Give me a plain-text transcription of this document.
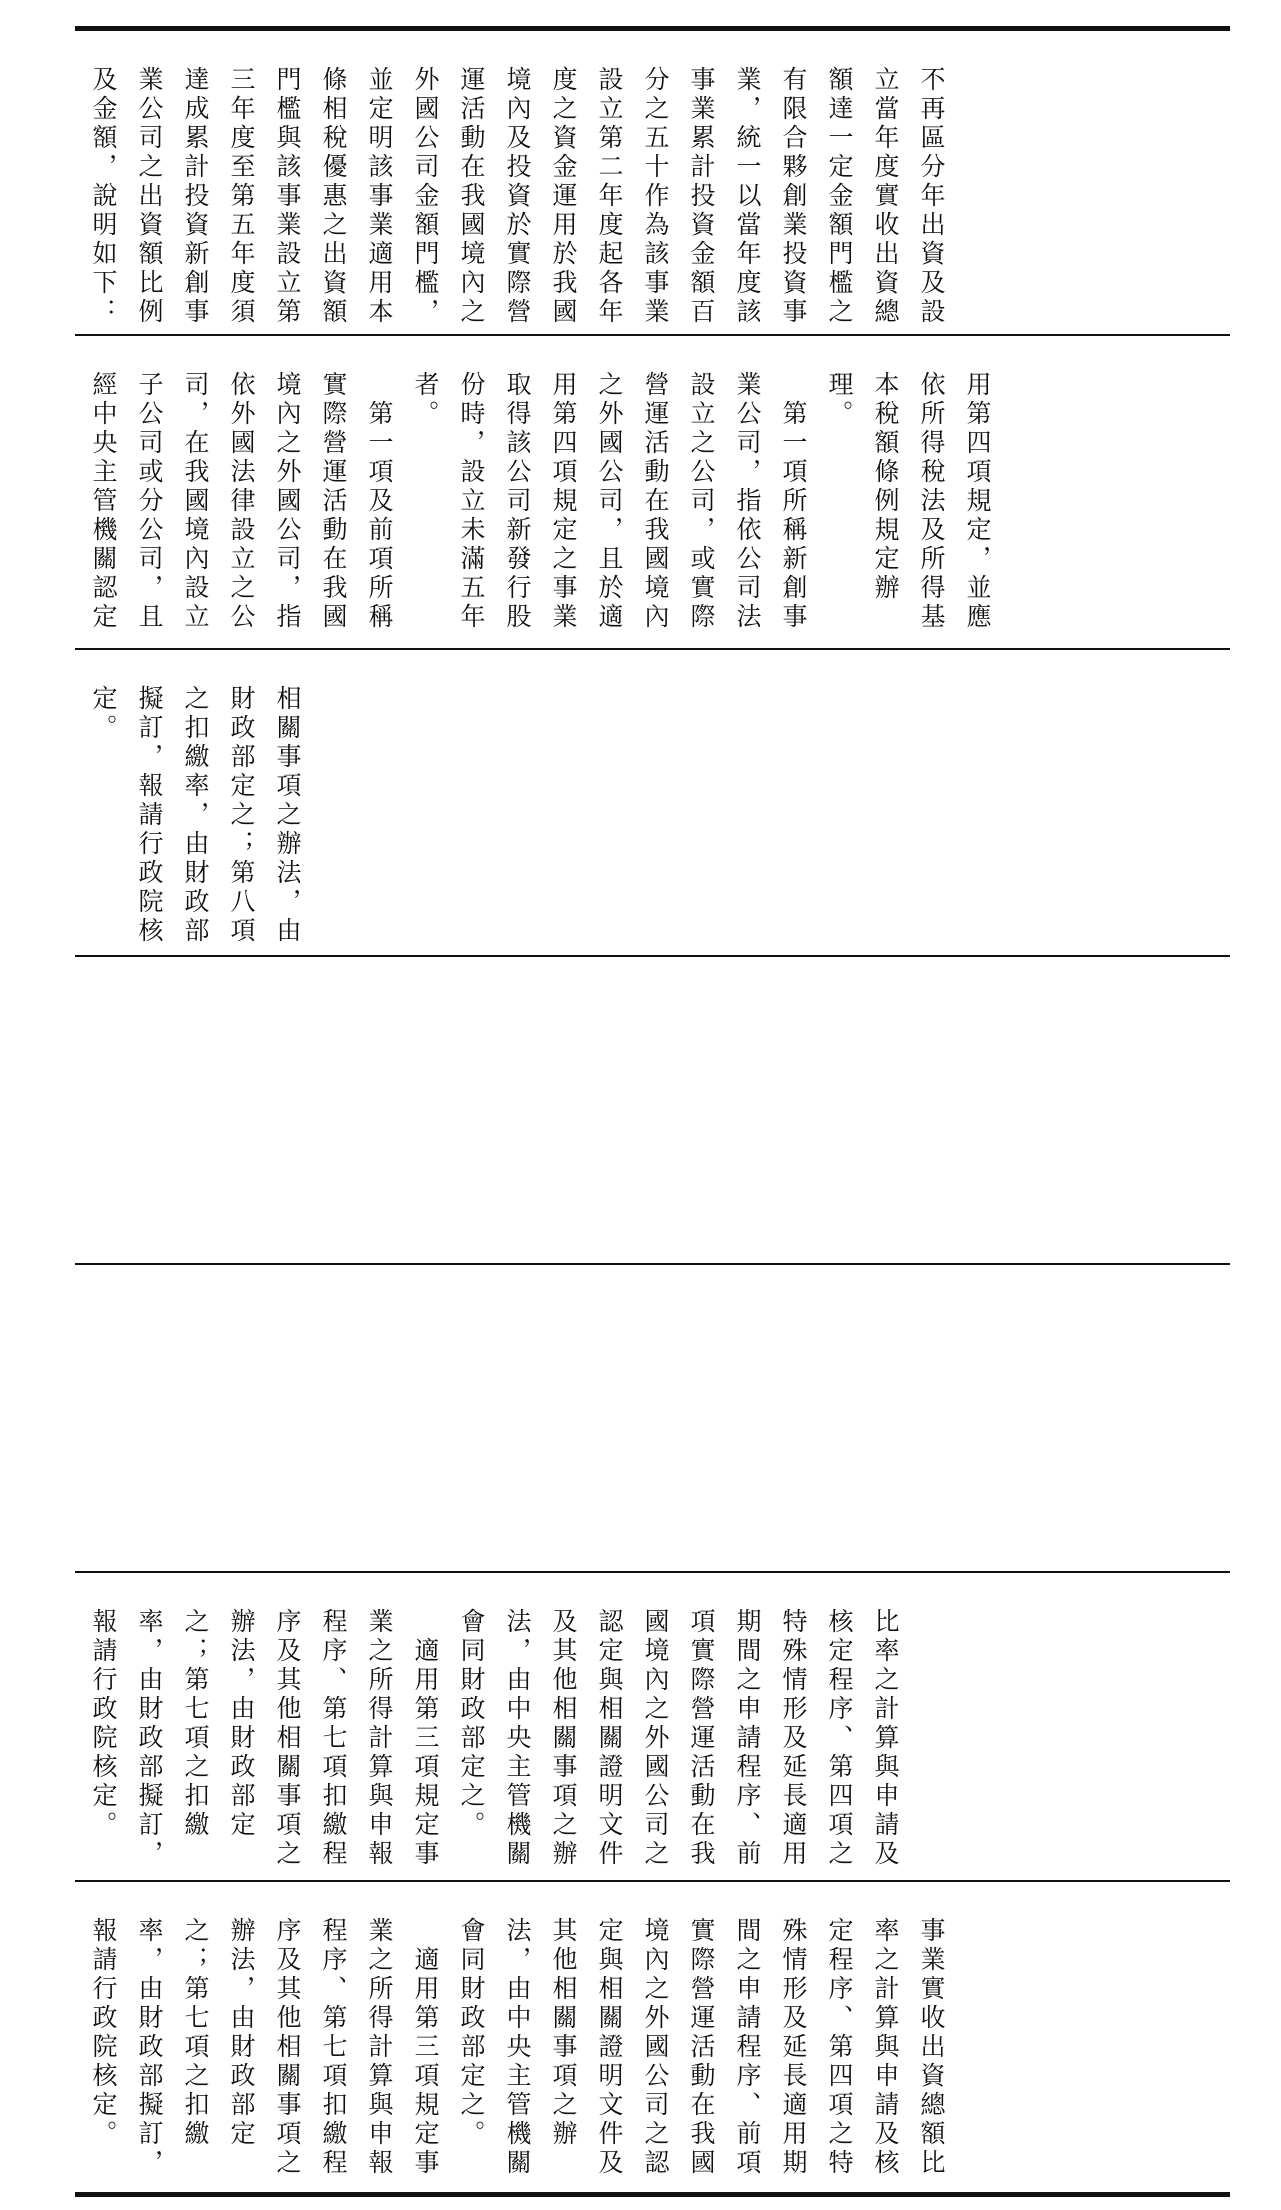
不再區分年出資及設立當年度實收出資總額達一定金額門檻之有限合夥創業投資事業，統一以當年度該事業累計投資金額百分之五十作為該事業設立第二年度起各年度之資金運用於我國境內及投資於實際營運活動在我國境內之外國公司金額門檻，並定明該事業適用本條相稅優惠之出資額門檻與該事業設立第三年度至第五年度須達成累計投資新創事業公司之出資額比例及金額，說明如下：

用第四項規定，並應依所得稅法及所得基本稅額條例規定辦理。
　第一項所稱新創事業公司，指依公司法設立之公司，或實際營運活動在我國境內之外國公司，且於適用第四項規定之事業取得該公司新發行股份時，設立未滿五年者。
　第一項及前項所稱實際營運活動在我國境內之外國公司，指依外國法律設立之公司，在我國境內設立子公司或分公司，且經中央主管機關認定

相關事項之辦法，由財政部定之；第八項之扣繳率，由財政部擬訂，報請行政院核定。

比率之計算與申請及核定程序、第四項之特殊情形及延長適用期間之申請程序、前項實際營運活動在我國境內之外國公司之認定與相關證明文件及其他相關事項之辦法，由中央主管機關會同財政部定之。
　適用第三項規定事業之所得計算與申報程序、第七項扣繳程序及其他相關事項之辦法，由財政部定之；第七項之扣繳率，由財政部擬訂，報請行政院核定。

事業實收出資總額比率之計算與申請及核定程序、第四項之特殊情形及延長適用期間之申請程序、前項實際營運活動在我國境內之外國公司之認定與相關證明文件及其他相關事項之辦法，由中央主管機關會同財政部定之。
　適用第三項規定事業之所得計算與申報程序、第七項扣繳程序及其他相關事項之辦法，由財政部定之；第七項之扣繳率，由財政部擬訂，報請行政院核定。
